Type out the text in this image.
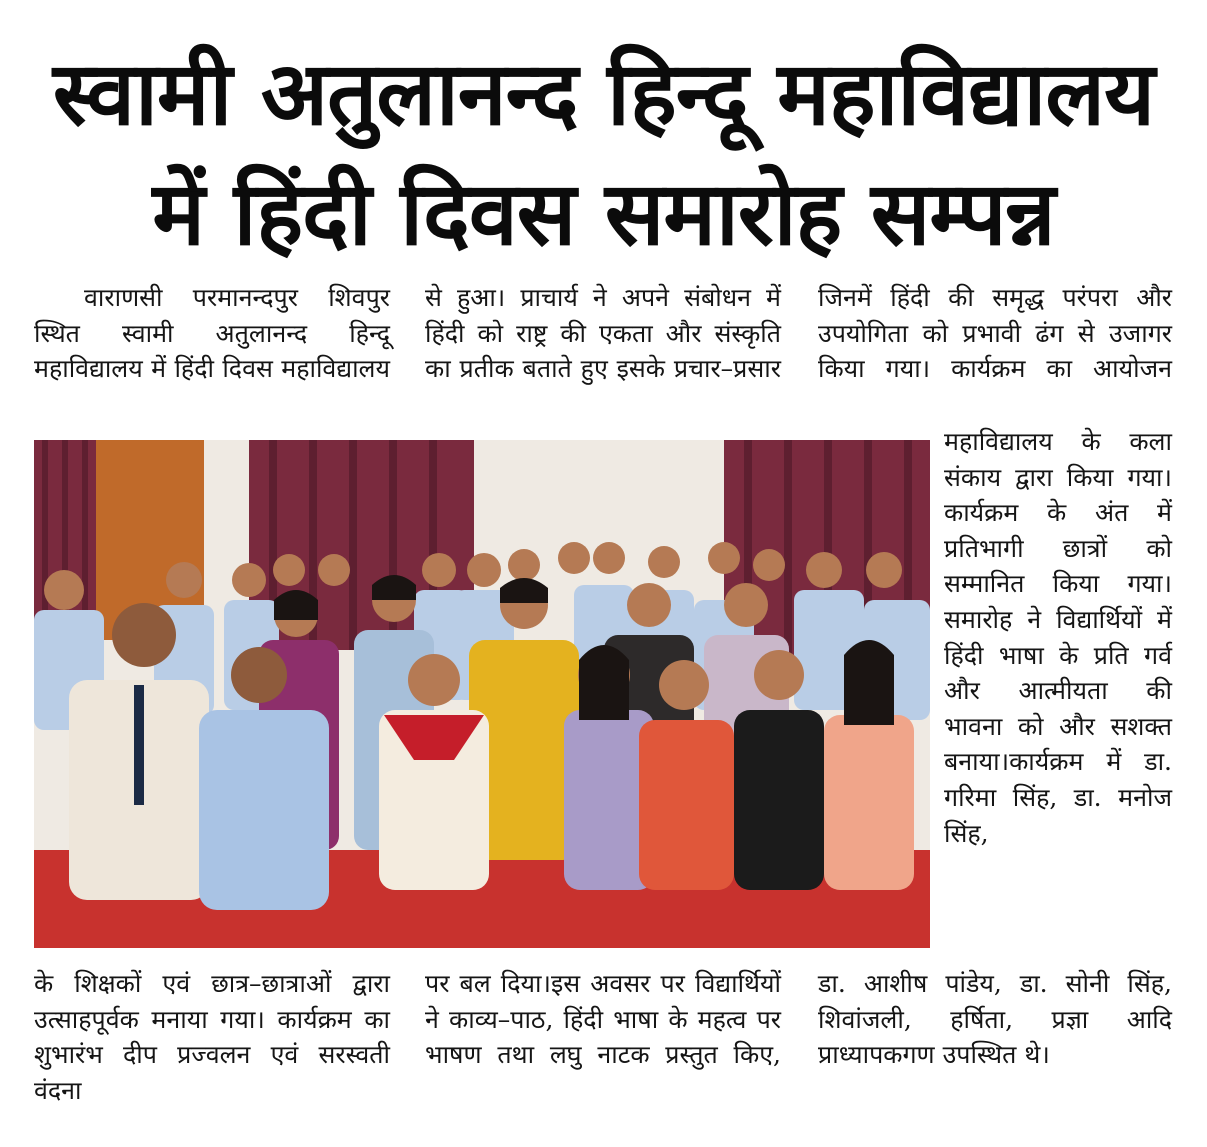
स्वामी अतुलानन्द हिन्दू महाविद्यालय
में हिंदी दिवस समारोह सम्पन्न
वाराणसी परमानन्दपुर शिवपुर स्थित स्वामी अतुलानन्द हिन्दू महाविद्यालय में हिंदी दिवस महाविद्यालय
से हुआ। प्राचार्य ने अपने संबोधन में हिंदी को राष्ट्र की एकता और संस्कृति का प्रतीक बताते हुए इसके प्रचार–प्रसार
जिनमें हिंदी की समृद्ध परंपरा और उपयोगिता को प्रभावी ढंग से उजागर किया गया। कार्यक्रम का आयोजन
महाविद्यालय के कला संकाय द्वारा किया गया। कार्यक्रम के अंत में प्रतिभागी छात्रों को सम्मानित किया गया। समारोह ने विद्यार्थियों में हिंदी भाषा के प्रति गर्व और आत्मीयता की भावना को और सशक्त बनाया।कार्यक्रम में डा. गरिमा सिंह, डा. मनोज सिंह,
के शिक्षकों एवं छात्र–छात्राओं द्वारा उत्साहपूर्वक मनाया गया। कार्यक्रम का शुभारंभ दीप प्रज्वलन एवं सरस्वती वंदना
पर बल दिया।इस अवसर पर विद्यार्थियों ने काव्य–पाठ, हिंदी भाषा के महत्व पर भाषण तथा लघु नाटक प्रस्तुत किए,
डा. आशीष पांडेय, डा. सोनी सिंह, शिवांजली, हर्षिता, प्रज्ञा आदि प्राध्यापकगण उपस्थित थे।
